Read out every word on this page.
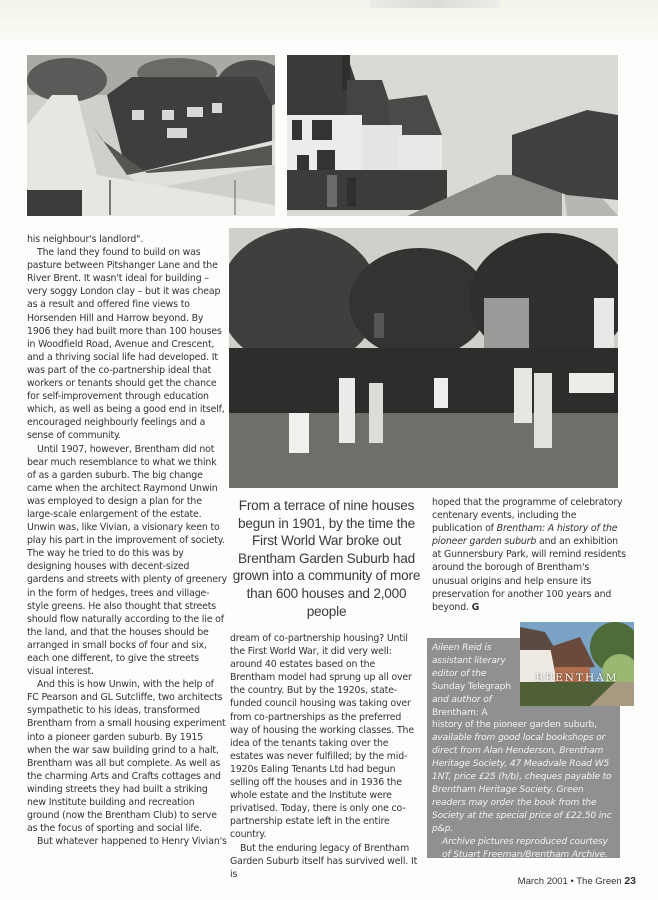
his neighbour's landlord".

The land they found to build on was pasture between Pitshanger Lane and the River Brent. It wasn't ideal for building – very soggy London clay – but it was cheap as a result and offered fine views to Horsenden Hill and Harrow beyond. By 1906 they had built more than 100 houses in Woodfield Road, Avenue and Crescent, and a thriving social life had developed. It was part of the co-partnership ideal that workers or tenants should get the chance for self-improvement through education which, as well as being a good end in itself, encouraged neighbourly feelings and a sense of community.

Until 1907, however, Brentham did not bear much resemblance to what we think of as a garden suburb. The big change came when the architect Raymond Unwin was employed to design a plan for the large-scale enlargement of the estate. Unwin was, like Vivian, a visionary keen to play his part in the improvement of society. The way he tried to do this was by designing houses with decent-sized gardens and streets with plenty of greenery in the form of hedges, trees and village-style greens. He also thought that streets should flow naturally according to the lie of the land, and that the houses should be arranged in small bocks of four and six, each one different, to give the streets visual interest.

And this is how Unwin, with the help of FC Pearson and GL Sutcliffe, two architects sympathetic to his ideas, transformed Brentham from a small housing experiment into a pioneer garden suburb. By 1915 when the war saw building grind to a halt, Brentham was all but complete. As well as the charming Arts and Crafts cottages and winding streets they had built a striking new Institute building and recreation ground (now the Brentham Club) to serve as the focus of sporting and social life.

But whatever happened to Henry Vivian's

From a terrace of nine houses begun in 1901, by the time the First World War broke out Brentham Garden Suburb had grown into a community of more than 600 houses and 2,000 people

dream of co-partnership housing? Until the First World War, it did very well: around 40 estates based on the Brentham model had sprung up all over the country. But by the 1920s, state-funded council housing was taking over from co-partnerships as the preferred way of housing the working classes. The idea of the tenants taking over the estates was never fulfilled; by the mid-1920s Ealing Tenants Ltd had begun selling off the houses and in 1936 the whole estate and the Institute were privatised. Today, there is only one co-partnership estate left in the entire country.

But the enduring legacy of Brentham Garden Suburb itself has survived well. It is

hoped that the programme of celebratory centenary events, including the publication of Brentham: A history of the pioneer garden suburb and an exhibition at Gunnersbury Park, will remind residents around the borough of Brentham's unusual origins and help ensure its preservation for another 100 years and beyond. G

Aileen Reid is
assistant literary
editor of the
Sunday Telegraph
and author of
Brentham: A
history of the pioneer garden suburb,
available from good local bookshops or direct from Alan Henderson, Brentham Heritage Society, 47 Meadvale Road W5 1NT, price £25 (h/b), cheques payable to Brentham Heritage Society. Green readers may order the book from the Society at the special price of £22.50 inc p&p.
Archive pictures reproduced courtesy of Stuart Freeman/Brentham Archive.
BRENTHAM
March 2001 • The Green 23
